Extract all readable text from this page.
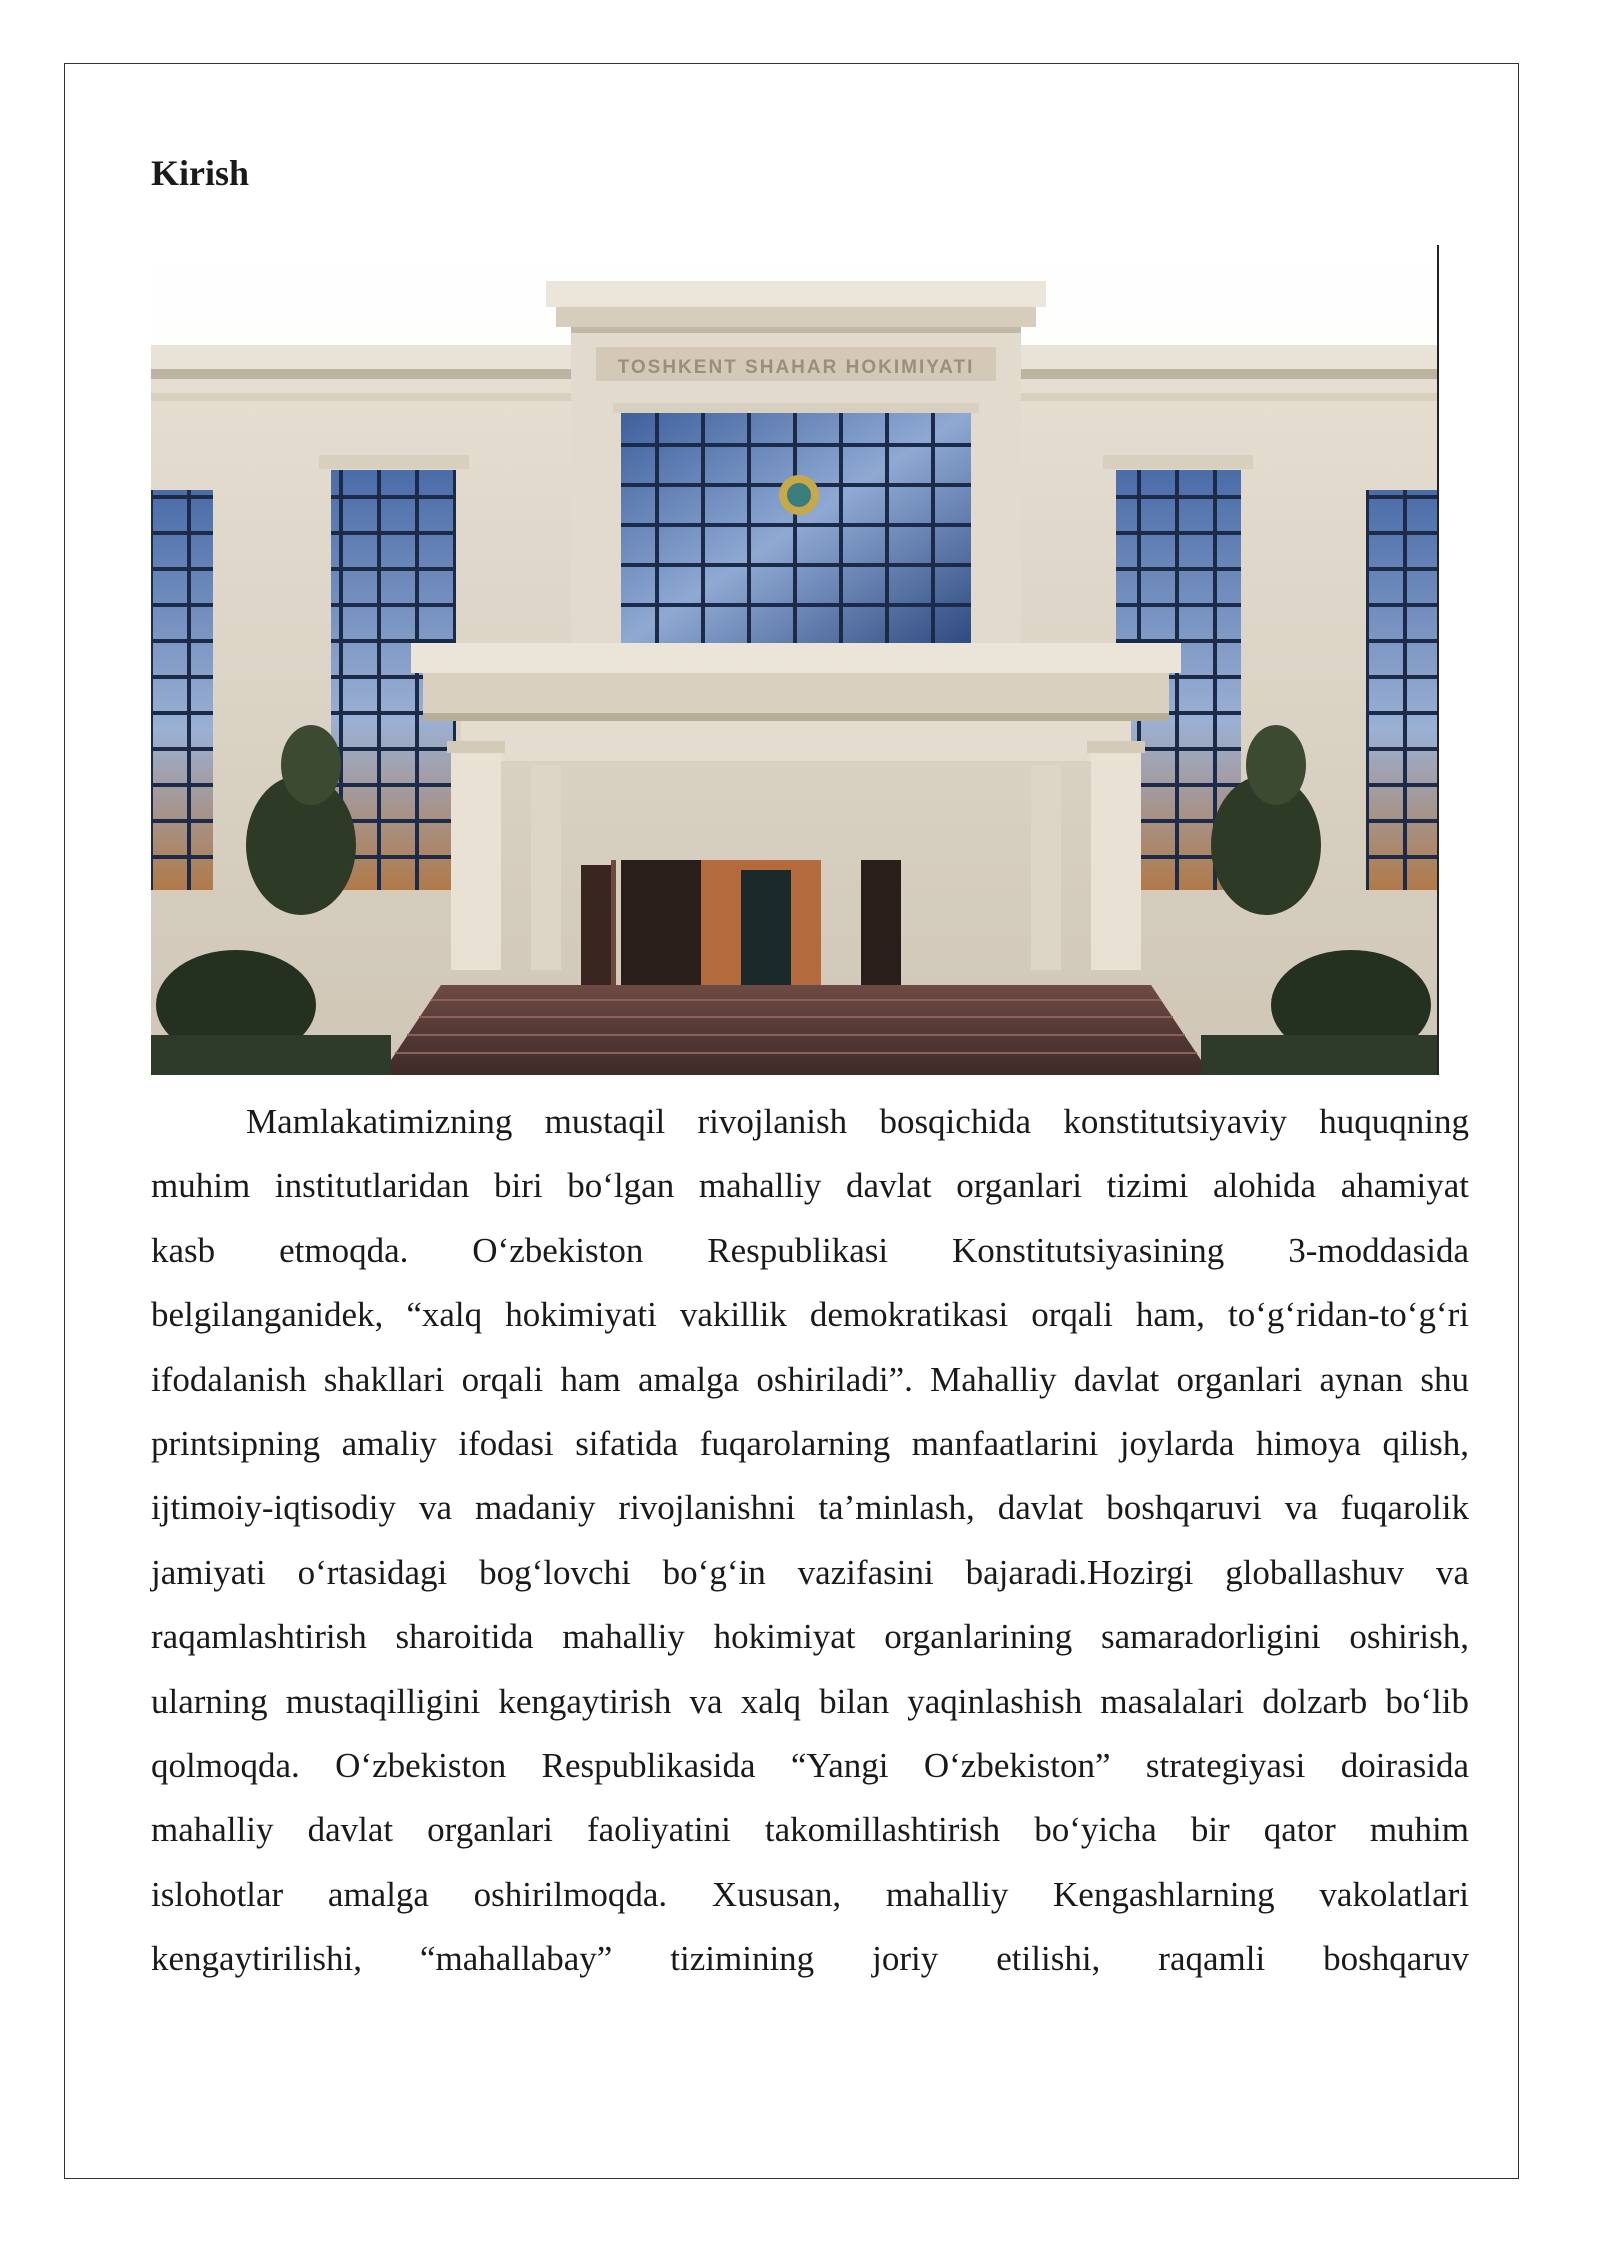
Kirish
TOSHKENT SHAHAR HOKIMIYATI
Mamlakatimizning mustaqil rivojlanish bosqichida konstitutsiyaviy huquqning
muhim institutlaridan biri bo‘lgan mahalliy davlat organlari tizimi alohida ahamiyat
kasb etmoqda. O‘zbekiston Respublikasi Konstitutsiyasining 3-moddasida
belgilanganidek, “xalq hokimiyati vakillik demokratikasi orqali ham, to‘g‘ridan-to‘g‘ri
ifodalanish shakllari orqali ham amalga oshiriladi”. Mahalliy davlat organlari aynan shu
printsipning amaliy ifodasi sifatida fuqarolarning manfaatlarini joylarda himoya qilish,
ijtimoiy-iqtisodiy va madaniy rivojlanishni ta’minlash, davlat boshqaruvi va fuqarolik
jamiyati o‘rtasidagi bog‘lovchi bo‘g‘in vazifasini bajaradi.Hozirgi globallashuv va
raqamlashtirish sharoitida mahalliy hokimiyat organlarining samaradorligini oshirish,
ularning mustaqilligini kengaytirish va xalq bilan yaqinlashish masalalari dolzarb bo‘lib
qolmoqda. O‘zbekiston Respublikasida “Yangi O‘zbekiston” strategiyasi doirasida
mahalliy davlat organlari faoliyatini takomillashtirish bo‘yicha bir qator muhim
islohotlar amalga oshirilmoqda. Xususan, mahalliy Kengashlarning vakolatlari
kengaytirilishi, “mahallabay” tizimining joriy etilishi, raqamli boshqaruv
